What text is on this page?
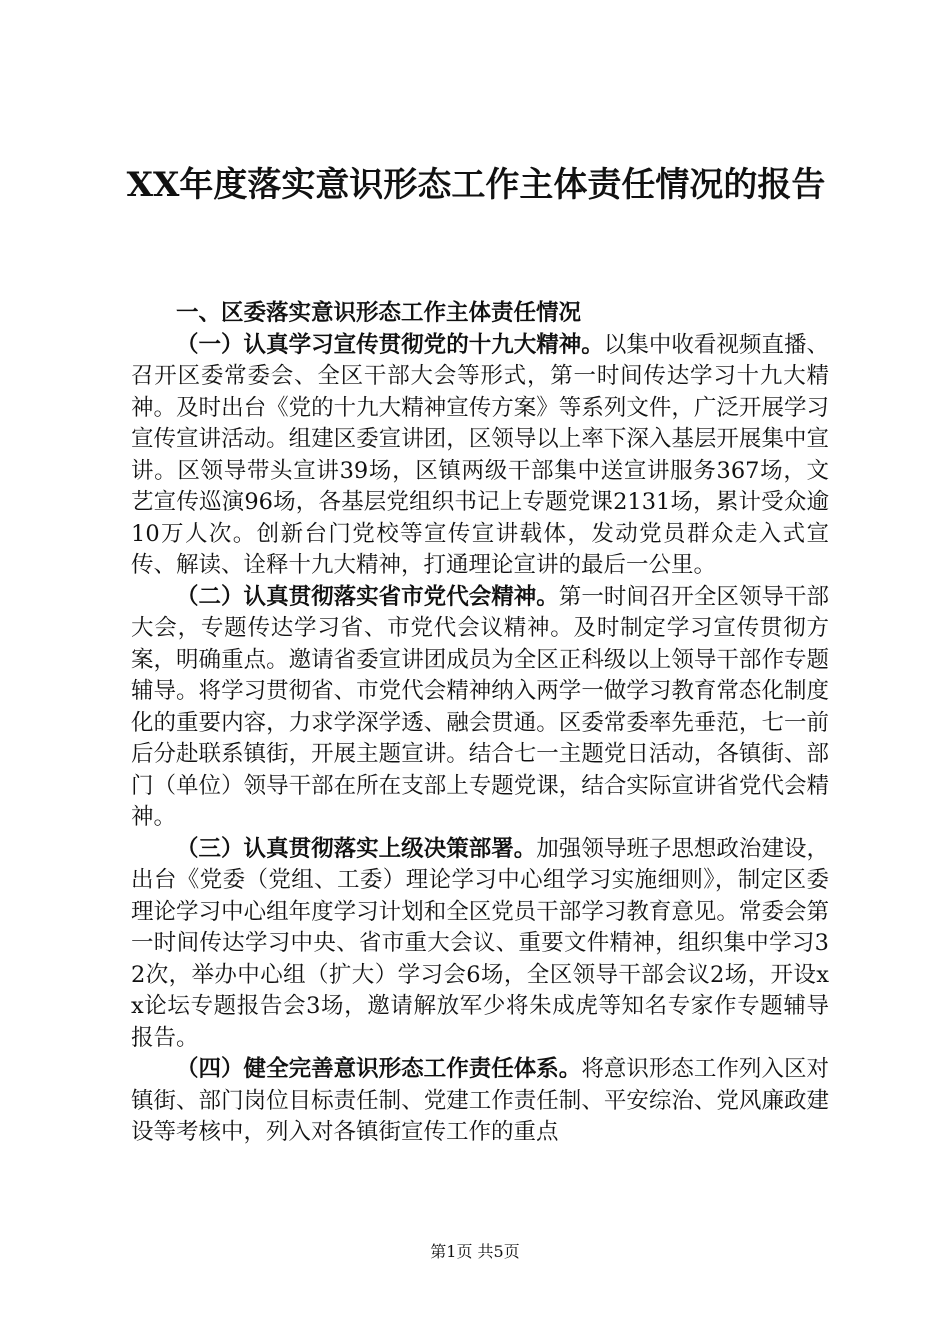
XX年度落实意识形态工作主体责任情况的报告

一、区委落实意识形态工作主体责任情况

（一）认真学习宣传贯彻党的十九大精神。以集中收看视频直播、召开区委常委会、全区干部大会等形式，第一时间传达学习十九大精神。及时出台《党的十九大精神宣传方案》等系列文件，广泛开展学习宣传宣讲活动。组建区委宣讲团，区领导以上率下深入基层开展集中宣讲。区领导带头宣讲39场，区镇两级干部集中送宣讲服务367场，文艺宣传巡演96场，各基层党组织书记上专题党课2131场，累计受众逾10万人次。创新台门党校等宣传宣讲载体，发动党员群众走入式宣传、解读、诠释十九大精神，打通理论宣讲的最后一公里。

（二）认真贯彻落实省市党代会精神。第一时间召开全区领导干部大会，专题传达学习省、市党代会议精神。及时制定学习宣传贯彻方案，明确重点。邀请省委宣讲团成员为全区正科级以上领导干部作专题辅导。将学习贯彻省、市党代会精神纳入两学一做学习教育常态化制度化的重要内容，力求学深学透、融会贯通。区委常委率先垂范，七一前后分赴联系镇街，开展主题宣讲。结合七一主题党日活动，各镇街、部门（单位）领导干部在所在支部上专题党课，结合实际宣讲省党代会精神。

（三）认真贯彻落实上级决策部署。加强领导班子思想政治建设，出台《党委（党组、工委）理论学习中心组学习实施细则》，制定区委理论学习中心组年度学习计划和全区党员干部学习教育意见。常委会第一时间传达学习中央、省市重大会议、重要文件精神，组织集中学习32次，举办中心组（扩大）学习会6场，全区领导干部会议2场，开设xx论坛专题报告会3场，邀请解放军少将朱成虎等知名专家作专题辅导报告。

（四）健全完善意识形态工作责任体系。将意识形态工作列入区对镇街、部门岗位目标责任制、党建工作责任制、平安综治、党风廉政建设等考核中，列入对各镇街宣传工作的重点

第1页 共5页
